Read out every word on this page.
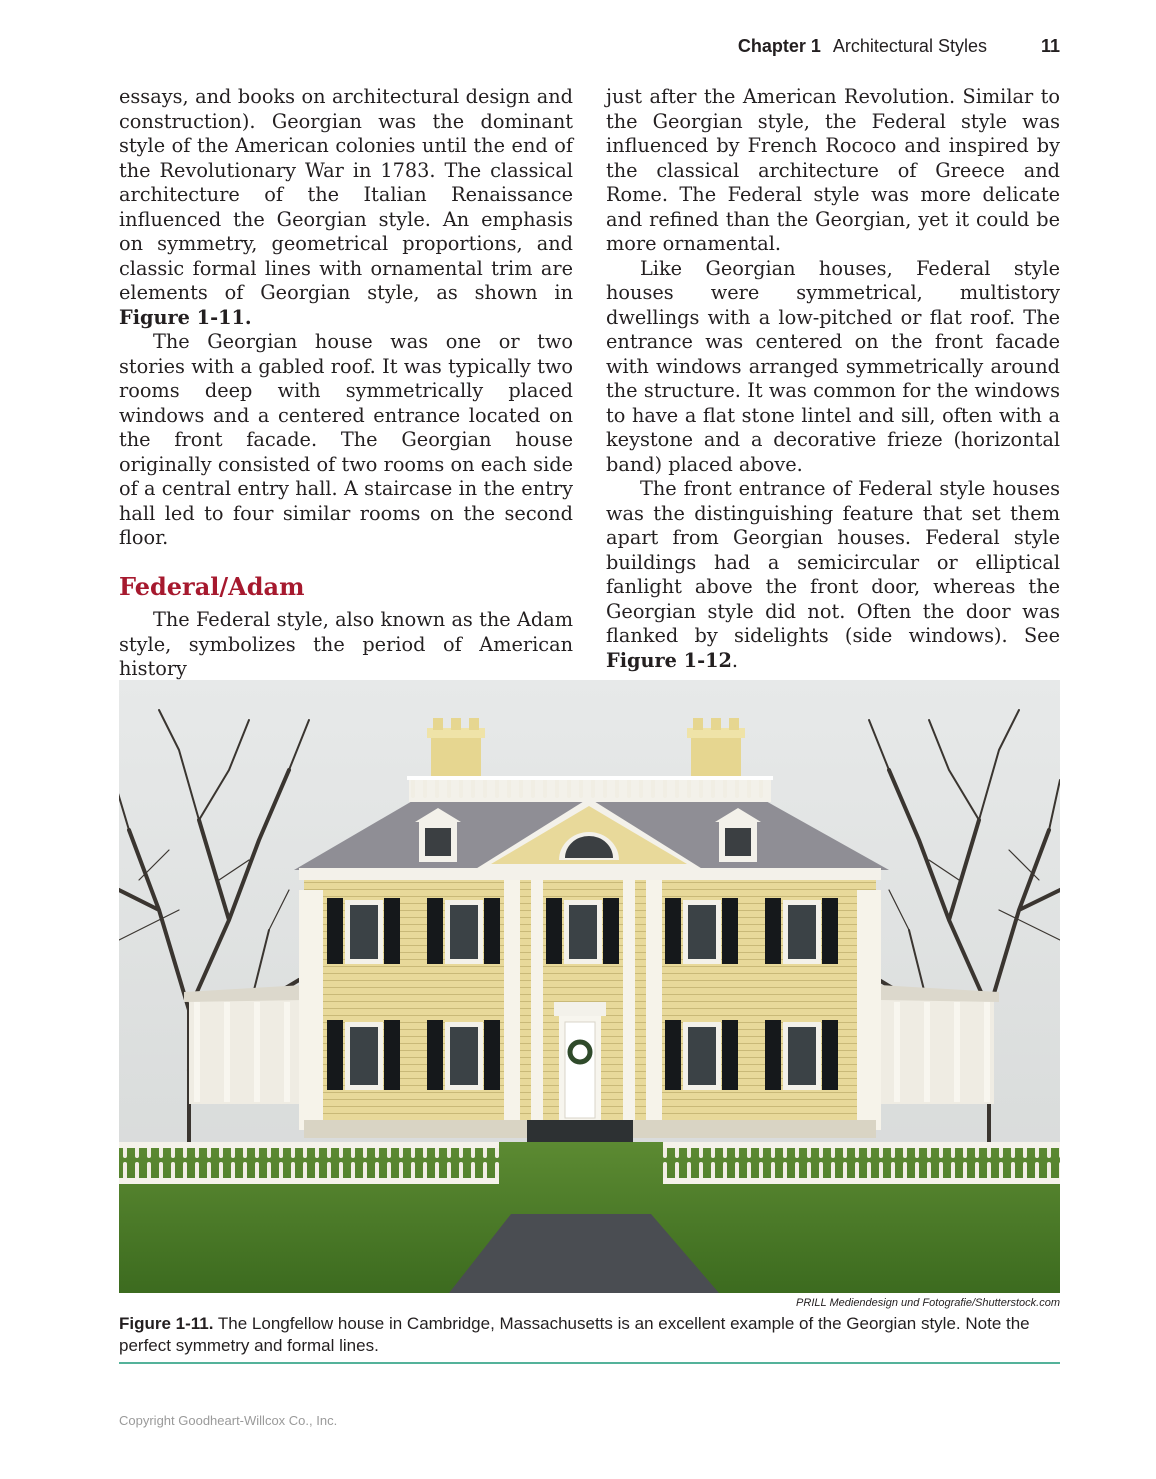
Chapter 1 Architectural Styles	11

essays, and books on architectural design and construction). Georgian was the dominant style of the American colonies until the end of the Revolutionary War in 1783. The classical architecture of the Italian Renaissance influenced the Georgian style. An emphasis on symmetry, geometrical proportions, and classic formal lines with ornamental trim are elements of Georgian style, as shown in Figure 1-11.

The Georgian house was one or two stories with a gabled roof. It was typically two rooms deep with symmetrically placed windows and a centered entrance located on the front facade. The Georgian house originally consisted of two rooms on each side of a central entry hall. A staircase in the entry hall led to four similar rooms on the second floor.

Federal/Adam

The Federal style, also known as the Adam style, symbolizes the period of American history

just after the American Revolution. Similar to the Georgian style, the Federal style was influenced by French Rococo and inspired by the classical architecture of Greece and Rome. The Federal style was more delicate and refined than the Georgian, yet it could be more ornamental.

Like Georgian houses, Federal style houses were symmetrical, multistory dwellings with a low-pitched or flat roof. The entrance was centered on the front facade with windows arranged symmetrically around the structure. It was common for the windows to have a flat stone lintel and sill, often with a keystone and a decorative frieze (horizontal band) placed above.

The front entrance of Federal style houses was the distinguishing feature that set them apart from Georgian houses. Federal style buildings had a semicircular or elliptical fanlight above the front door, whereas the Georgian style did not. Often the door was flanked by sidelights (side windows). See Figure 1-12.

PRILL Mediendesign und Fotografie/Shutterstock.com
Figure 1-11. The Longfellow house in Cambridge, Massachusetts is an excellent example of the Georgian style. Note the perfect symmetry and formal lines.
Copyright Goodheart-Willcox Co., Inc.
